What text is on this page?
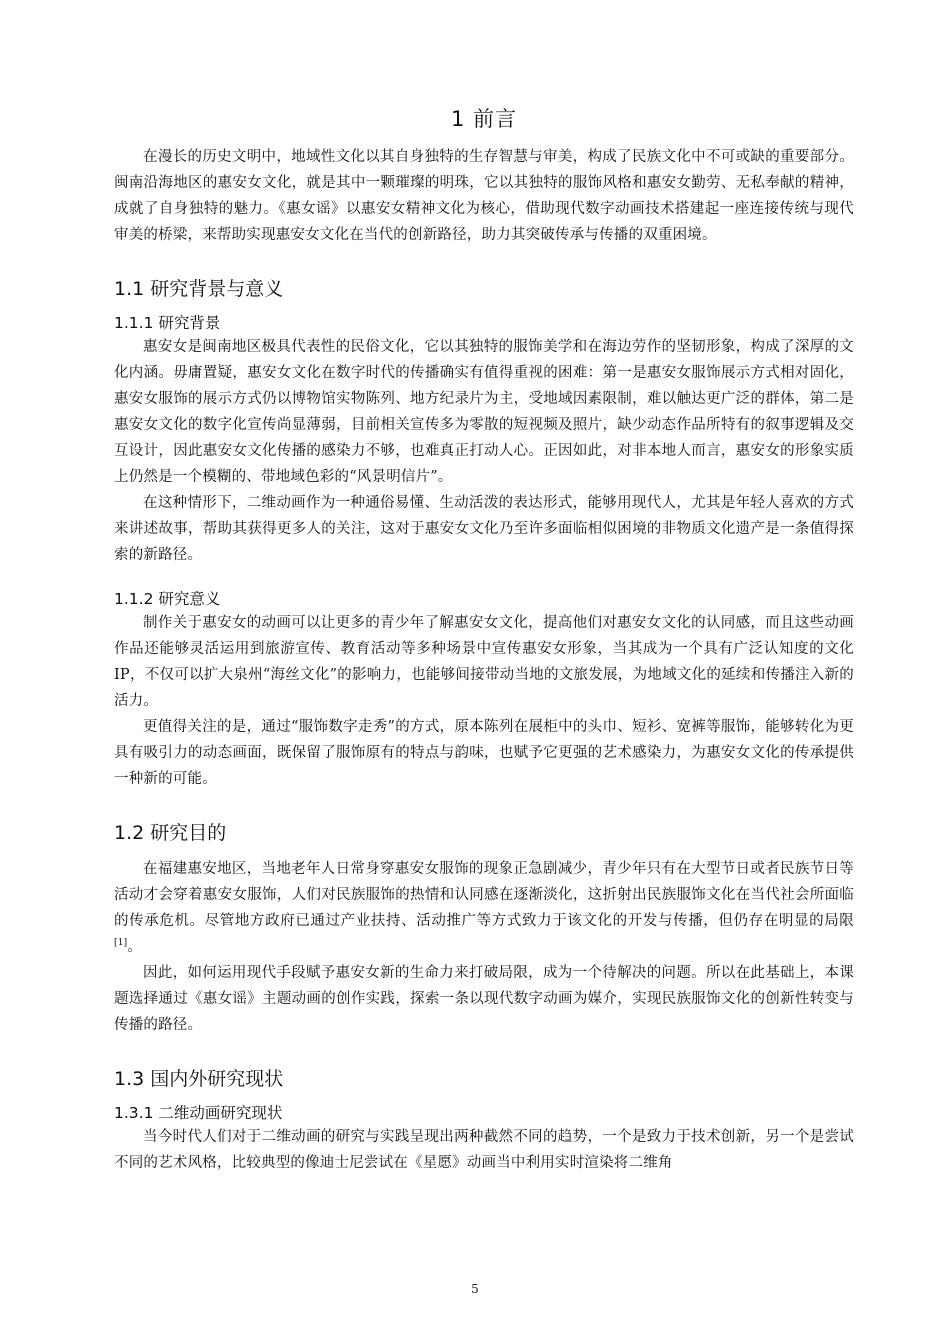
1 前言

在漫长的历史文明中，地域性文化以其自身独特的生存智慧与审美，构成了民族文化中不可或缺的重要部分。闽南沿海地区的惠安女文化，就是其中一颗璀璨的明珠，它以其独特的服饰风格和惠安女勤劳、无私奉献的精神，成就了自身独特的魅力。《惠女谣》以惠安女精神文化为核心，借助现代数字动画技术搭建起一座连接传统与现代审美的桥梁，来帮助实现惠安女文化在当代的创新路径，助力其突破传承与传播的双重困境。

1.1 研究背景与意义
1.1.1 研究背景

惠安女是闽南地区极具代表性的民俗文化，它以其独特的服饰美学和在海边劳作的坚韧形象，构成了深厚的文化内涵。毋庸置疑，惠安女文化在数字时代的传播确实有值得重视的困难：第一是惠安女服饰展示方式相对固化，惠安女服饰的展示方式仍以博物馆实物陈列、地方纪录片为主，受地域因素限制，难以触达更广泛的群体，第二是惠安女文化的数字化宣传尚显薄弱，目前相关宣传多为零散的短视频及照片，缺少动态作品所特有的叙事逻辑及交互设计，因此惠安女文化传播的感染力不够，也难真正打动人心。正因如此，对非本地人而言，惠安女的形象实质上仍然是一个模糊的、带地域色彩的“风景明信片”。

在这种情形下，二维动画作为一种通俗易懂、生动活泼的表达形式，能够用现代人，尤其是年轻人喜欢的方式来讲述故事，帮助其获得更多人的关注，这对于惠安女文化乃至许多面临相似困境的非物质文化遗产是一条值得探索的新路径。

1.1.2 研究意义

制作关于惠安女的动画可以让更多的青少年了解惠安女文化，提高他们对惠安女文化的认同感，而且这些动画作品还能够灵活运用到旅游宣传、教育活动等多种场景中宣传惠安女形象，当其成为一个具有广泛认知度的文化 IP，不仅可以扩大泉州“海丝文化”的影响力，也能够间接带动当地的文旅发展，为地域文化的延续和传播注入新的活力。

更值得关注的是，通过“服饰数字走秀”的方式，原本陈列在展柜中的头巾、短衫、宽裤等服饰，能够转化为更具有吸引力的动态画面，既保留了服饰原有的特点与韵味，也赋予它更强的艺术感染力，为惠安女文化的传承提供一种新的可能。

1.2 研究目的

在福建惠安地区，当地老年人日常身穿惠安女服饰的现象正急剧减少，青少年只有在大型节日或者民族节日等活动才会穿着惠安女服饰，人们对民族服饰的热情和认同感在逐渐淡化，这折射出民族服饰文化在当代社会所面临的传承危机。尽管地方政府已通过产业扶持、活动推广等方式致力于该文化的开发与传播，但仍存在明显的局限[1]。

因此，如何运用现代手段赋予惠安女新的生命力来打破局限，成为一个待解决的问题。所以在此基础上，本课题选择通过《惠女谣》主题动画的创作实践，探索一条以现代数字动画为媒介，实现民族服饰文化的创新性转变与传播的路径。

1.3 国内外研究现状
1.3.1 二维动画研究现状

当今时代人们对于二维动画的研究与实践呈现出两种截然不同的趋势，一个是致力于技术创新，另一个是尝试不同的艺术风格，比较典型的像迪士尼尝试在《星愿》动画当中利用实时渲染将二维角

5
